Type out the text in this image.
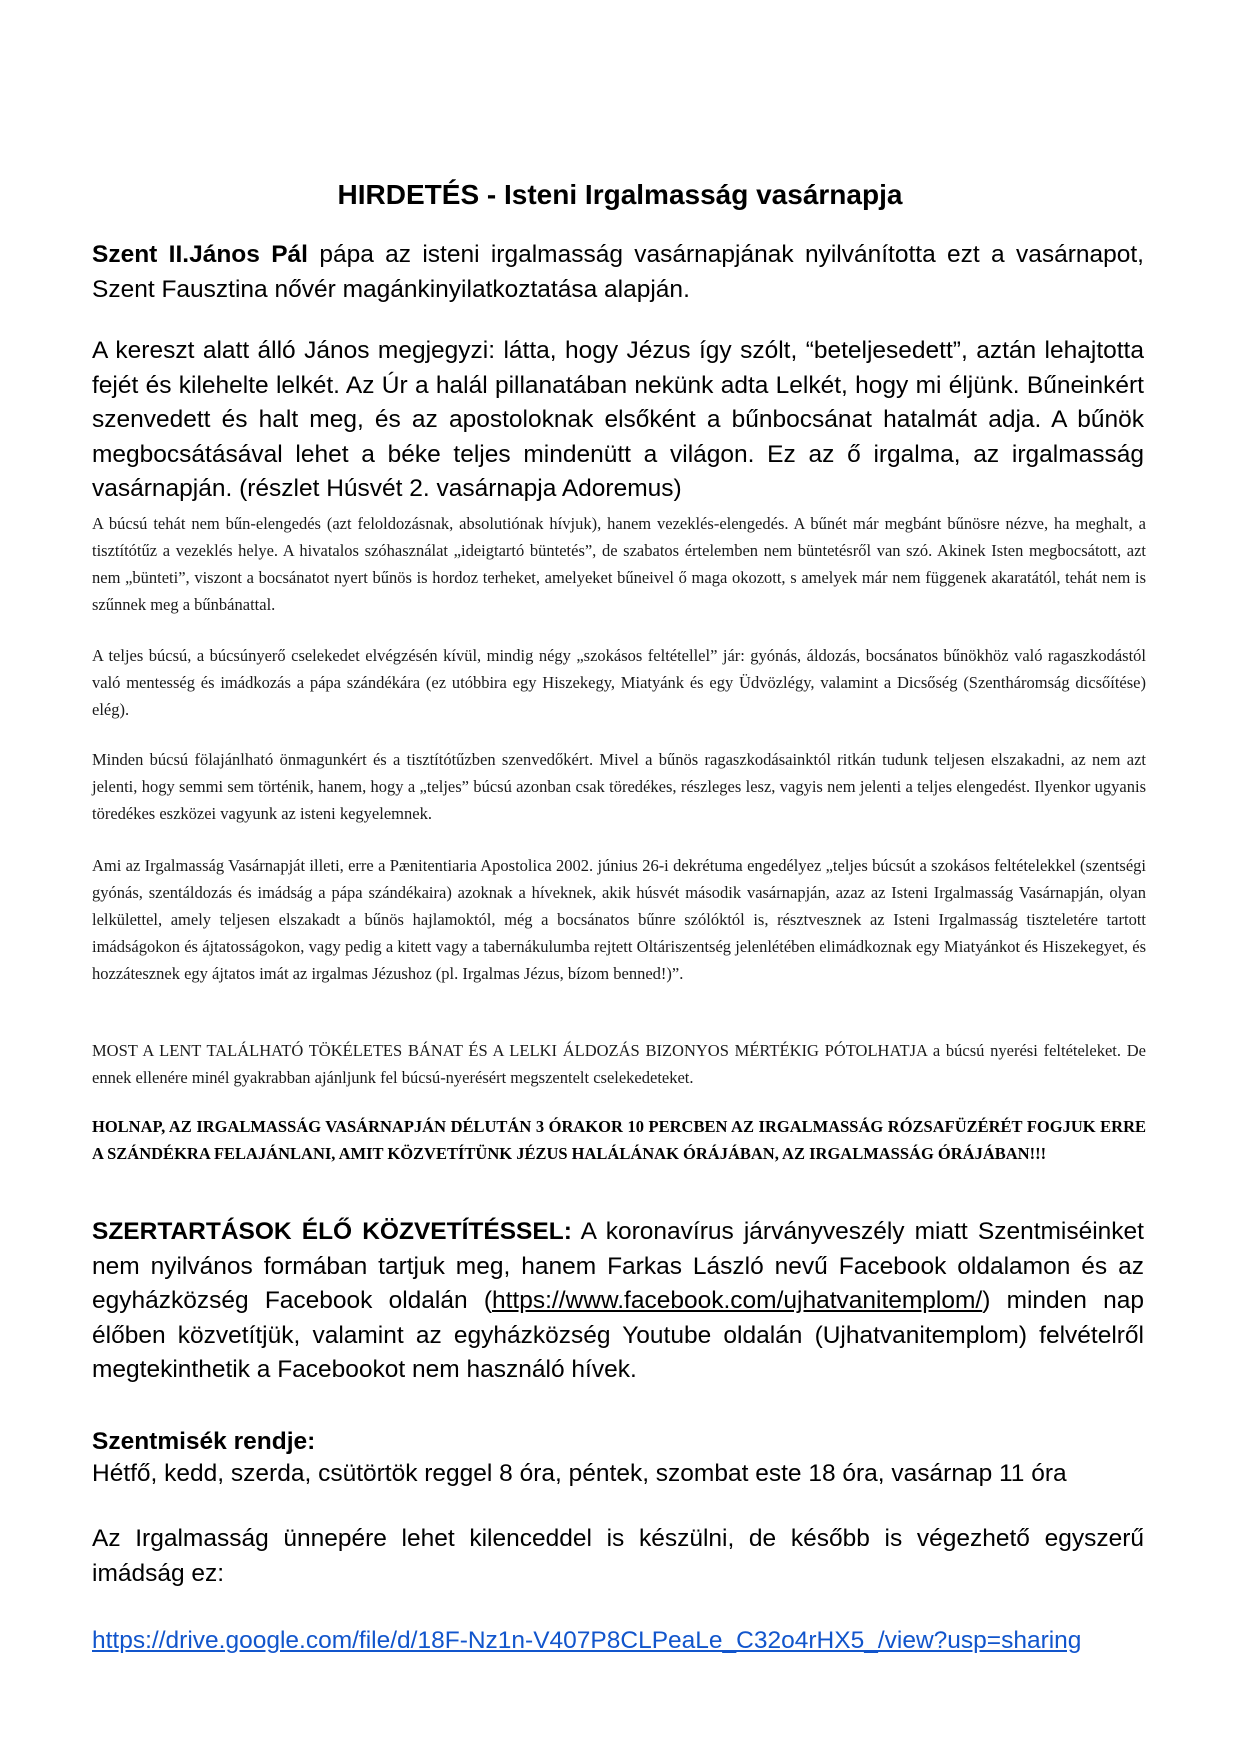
HIRDETÉS - Isteni Irgalmasság vasárnapja
Szent II.János Pál pápa az isteni irgalmasság vasárnapjának nyilvánította ezt a vasárnapot, Szent Fausztina nővér magánkinyilatkoztatása alapján.
A kereszt alatt álló János megjegyzi: látta, hogy Jézus így szólt, “beteljesedett”, aztán lehajtotta fejét és kilehelte lelkét. Az Úr a halál pillanatában nekünk adta Lelkét, hogy mi éljünk. Bűneinkért szenvedett és halt meg, és az apostoloknak elsőként a bűnbocsánat hatalmát adja. A bűnök megbocsátásával lehet a béke teljes mindenütt a világon. Ez az ő irgalma, az irgalmasság vasárnapján. (részlet Húsvét 2. vasárnapja Adoremus)
A búcsú tehát nem bűn-elengedés (azt feloldozásnak, absolutiónak hívjuk), hanem vezeklés-elengedés. A bűnét már megbánt bűnösre nézve, ha meghalt, a tisztítótűz a vezeklés helye. A hivatalos szóhasználat „ideigtartó büntetés”, de szabatos értelemben nem büntetésről van szó. Akinek Isten megbocsátott, azt nem „bünteti”, viszont a bocsánatot nyert bűnös is hordoz terheket, amelyeket bűneivel ő maga okozott, s amelyek már nem függenek akaratától, tehát nem is szűnnek meg a bűnbánattal.
A teljes búcsú, a búcsúnyerő cselekedet elvégzésén kívül, mindig négy „szokásos feltétellel” jár: gyónás, áldozás, bocsánatos bűnökhöz való ragaszkodástól való mentesség és imádkozás a pápa szándékára (ez utóbbira egy Hiszekegy, Miatyánk és egy Üdvözlégy, valamint a Dicsőség (Szentháromság dicsőítése) elég).
Minden búcsú fölajánlható önmagunkért és a tisztítótűzben szenvedőkért. Mivel a bűnös ragaszkodásainktól ritkán tudunk teljesen elszakadni, az nem azt jelenti, hogy semmi sem történik, hanem, hogy a „teljes” búcsú azonban csak töredékes, részleges lesz, vagyis nem jelenti a teljes elengedést. Ilyenkor ugyanis töredékes eszközei vagyunk az isteni kegyelemnek.
Ami az Irgalmasság Vasárnapját illeti, erre a Pænitentiaria Apostolica 2002. június 26-i dekrétuma engedélyez „teljes búcsút a szokásos feltételekkel (szentségi gyónás, szentáldozás és imádság a pápa szándékaira) azoknak a híveknek, akik húsvét második vasárnapján, azaz az Isteni Irgalmasság Vasárnapján, olyan lelkülettel, amely teljesen elszakadt a bűnös hajlamoktól, még a bocsánatos bűnre szólóktól is, résztvesznek az Isteni Irgalmasság tiszteletére tartott imádságokon és ájtatosságokon, vagy pedig a kitett vagy a tabernákulumba rejtett Oltáriszentség jelenlétében elimádkoznak egy Miatyánkot és Hiszekegyet, és hozzátesznek egy ájtatos imát az irgalmas Jézushoz (pl. Irgalmas Jézus, bízom benned!)”.
MOST A LENT TALÁLHATÓ TÖKÉLETES BÁNAT ÉS A LELKI ÁLDOZÁS BIZONYOS MÉRTÉKIG PÓTOLHATJA a búcsú nyerési feltételeket. De ennek ellenére minél gyakrabban ajánljunk fel búcsú-nyerésért megszentelt cselekedeteket.
HOLNAP, AZ IRGALMASSÁG VASÁRNAPJÁN DÉLUTÁN 3 ÓRAKOR 10 PERCBEN AZ IRGALMASSÁG RÓZSAFÜZÉRÉT FOGJUK ERRE A SZÁNDÉKRA FELAJÁNLANI, AMIT KÖZVETÍTÜNK JÉZUS HALÁLÁNAK ÓRÁJÁBAN, AZ IRGALMASSÁG ÓRÁJÁBAN!!!
SZERTARTÁSOK ÉLŐ KÖZVETÍTÉSSEL: A koronavírus járványveszély miatt Szentmiséinket nem nyilvános formában tartjuk meg, hanem Farkas László nevű Facebook oldalamon és az egyházközség Facebook oldalán (https://www.facebook.com/ujhatvanitemplom/) minden nap élőben közvetítjük, valamint az egyházközség Youtube oldalán (Ujhatvanitemplom) felvételről megtekinthetik a Facebookot nem használó hívek.
Szentmisék rendje:
Hétfő, kedd, szerda, csütörtök reggel 8 óra, péntek, szombat este 18 óra, vasárnap 11 óra
Az Irgalmasság ünnepére lehet kilenceddel is készülni, de később is végezhető egyszerű imádság ez:
https://drive.google.com/file/d/18F-Nz1n-V407P8CLPeaLe_C32o4rHX5_/view?usp=sharing
